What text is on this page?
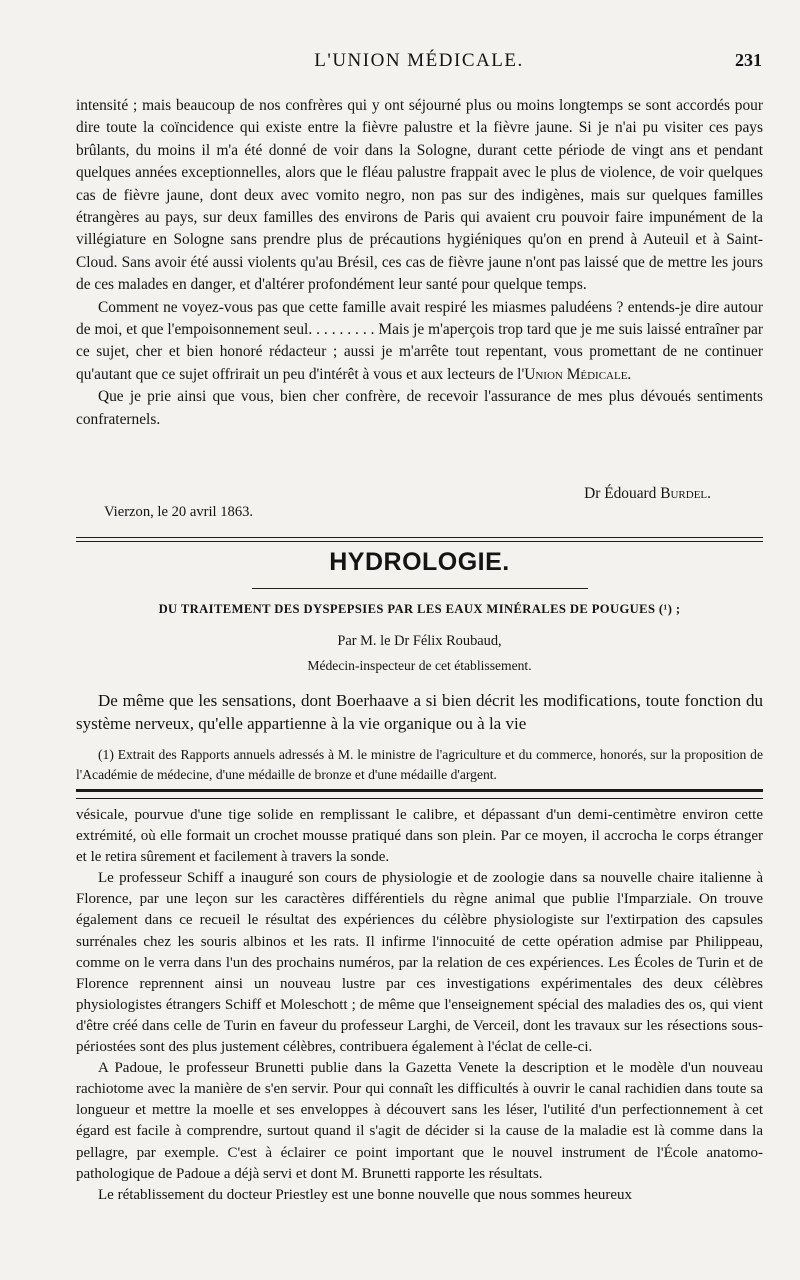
L'UNION MÉDICALE.	231

intensité ; mais beaucoup de nos confrères qui y ont séjourné plus ou moins longtemps se sont accordés pour dire toute la coïncidence qui existe entre la fièvre palustre et la fièvre jaune. Si je n'ai pu visiter ces pays brûlants, du moins il m'a été donné de voir dans la Sologne, durant cette période de vingt ans et pendant quelques années exceptionnelles, alors que le fléau palustre frappait avec le plus de violence, de voir quelques cas de fièvre jaune, dont deux avec vomito negro, non pas sur des indigènes, mais sur quelques familles étrangères au pays, sur deux familles des environs de Paris qui avaient cru pouvoir faire impunément de la villégiature en Sologne sans prendre plus de précautions hygiéniques qu'on en prend à Auteuil et à Saint-Cloud. Sans avoir été aussi violents qu'au Brésil, ces cas de fièvre jaune n'ont pas laissé que de mettre les jours de ces malades en danger, et d'altérer profondément leur santé pour quelque temps.

Comment ne voyez-vous pas que cette famille avait respiré les miasmes paludéens ? entends-je dire autour de moi, et que l'empoisonnement seul. . . . . . . . . Mais je m'aperçois trop tard que je me suis laissé entraîner par ce sujet, cher et bien honoré rédacteur ; aussi je m'arrête tout repentant, vous promettant de ne continuer qu'autant que ce sujet offrirait un peu d'intérêt à vous et aux lecteurs de l'Union Médicale.

Que je prie ainsi que vous, bien cher confrère, de recevoir l'assurance de mes plus dévoués sentiments confraternels.

Dr Édouard Burdel.
Vierzon, le 20 avril 1863.
HYDROLOGIE.
DU TRAITEMENT DES DYSPEPSIES PAR LES EAUX MINÉRALES DE POUGUES (¹) ;
Par M. le Dr Félix Roubaud,
Médecin-inspecteur de cet établissement.

De même que les sensations, dont Boerhaave a si bien décrit les modifications, toute fonction du système nerveux, qu'elle appartienne à la vie organique ou à la vie

(1) Extrait des Rapports annuels adressés à M. le ministre de l'agriculture et du commerce, honorés, sur la proposition de l'Académie de médecine, d'une médaille de bronze et d'une médaille d'argent.

vésicale, pourvue d'une tige solide en remplissant le calibre, et dépassant d'un demi-centimètre environ cette extrémité, où elle formait un crochet mousse pratiqué dans son plein. Par ce moyen, il accrocha le corps étranger et le retira sûrement et facilement à travers la sonde.

Le professeur Schiff a inauguré son cours de physiologie et de zoologie dans sa nouvelle chaire italienne à Florence, par une leçon sur les caractères différentiels du règne animal que publie l'Imparziale. On trouve également dans ce recueil le résultat des expériences du célèbre physiologiste sur l'extirpation des capsules surrénales chez les souris albinos et les rats. Il infirme l'innocuité de cette opération admise par Philippeau, comme on le verra dans l'un des prochains numéros, par la relation de ces expériences. Les Écoles de Turin et de Florence reprennent ainsi un nouveau lustre par ces investigations expérimentales des deux célèbres physiologistes étrangers Schiff et Moleschott ; de même que l'enseignement spécial des maladies des os, qui vient d'être créé dans celle de Turin en faveur du professeur Larghi, de Verceil, dont les travaux sur les résections sous-périostées sont des plus justement célèbres, contribuera également à l'éclat de celle-ci.

A Padoue, le professeur Brunetti publie dans la Gazetta Venete la description et le modèle d'un nouveau rachiotome avec la manière de s'en servir. Pour qui connaît les difficultés à ouvrir le canal rachidien dans toute sa longueur et mettre la moelle et ses enveloppes à découvert sans les léser, l'utilité d'un perfectionnement à cet égard est facile à comprendre, surtout quand il s'agit de décider si la cause de la maladie est là comme dans la pellagre, par exemple. C'est à éclairer ce point important que le nouvel instrument de l'École anatomo-pathologique de Padoue a déjà servi et dont M. Brunetti rapporte les résultats.

Le rétablissement du docteur Priestley est une bonne nouvelle que nous sommes heureux
